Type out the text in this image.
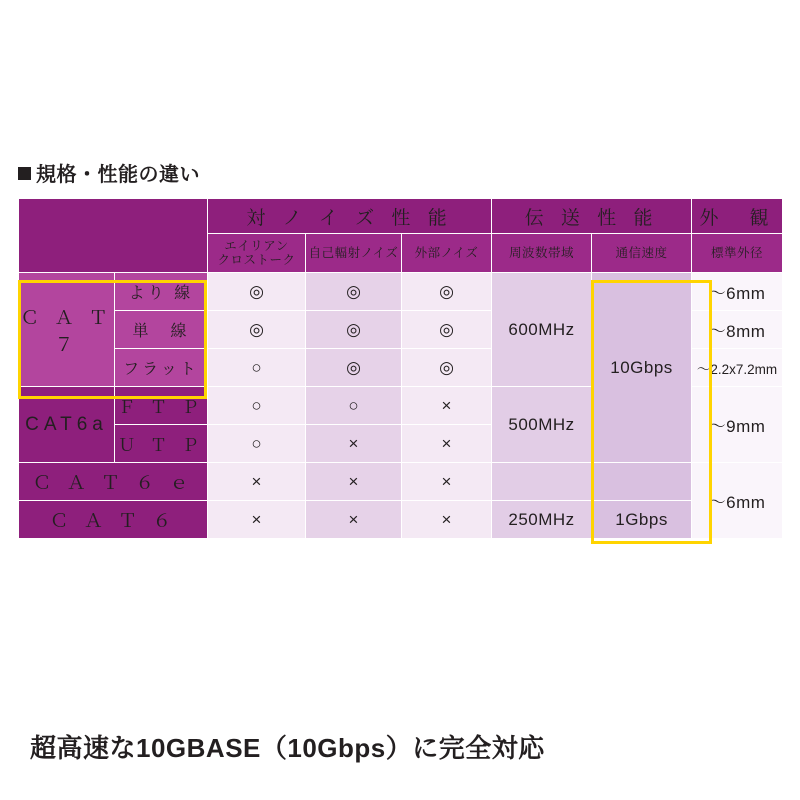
規格・性能の違い
		対 ノ イ ズ 性 能			伝 送 性 能		外　観

		エイリアン
クロストーク	自己輻射ノイズ	外部ノイズ	周波数帯域	通信速度	標準外径
Ｃ Ａ Ｔ ７	より 線	◎	◎	◎	600MHz	10Gbps	〜6mm
	単　線	◎	◎	◎			〜8mm
	フラット	○	◎	◎			〜2.2x7.2mm
CAT6a	Ｆ Ｔ Ｐ	○	○	×	500MHz		〜9mm
	Ｕ Ｔ Ｐ	○	×	×			
Ｃ Ａ Ｔ ６ ｅ		×	×	×			〜6mm
Ｃ Ａ Ｔ ６		×	×	×	250MHz	1Gbps	
超高速な10GBASE（10Gbps）に完全対応
